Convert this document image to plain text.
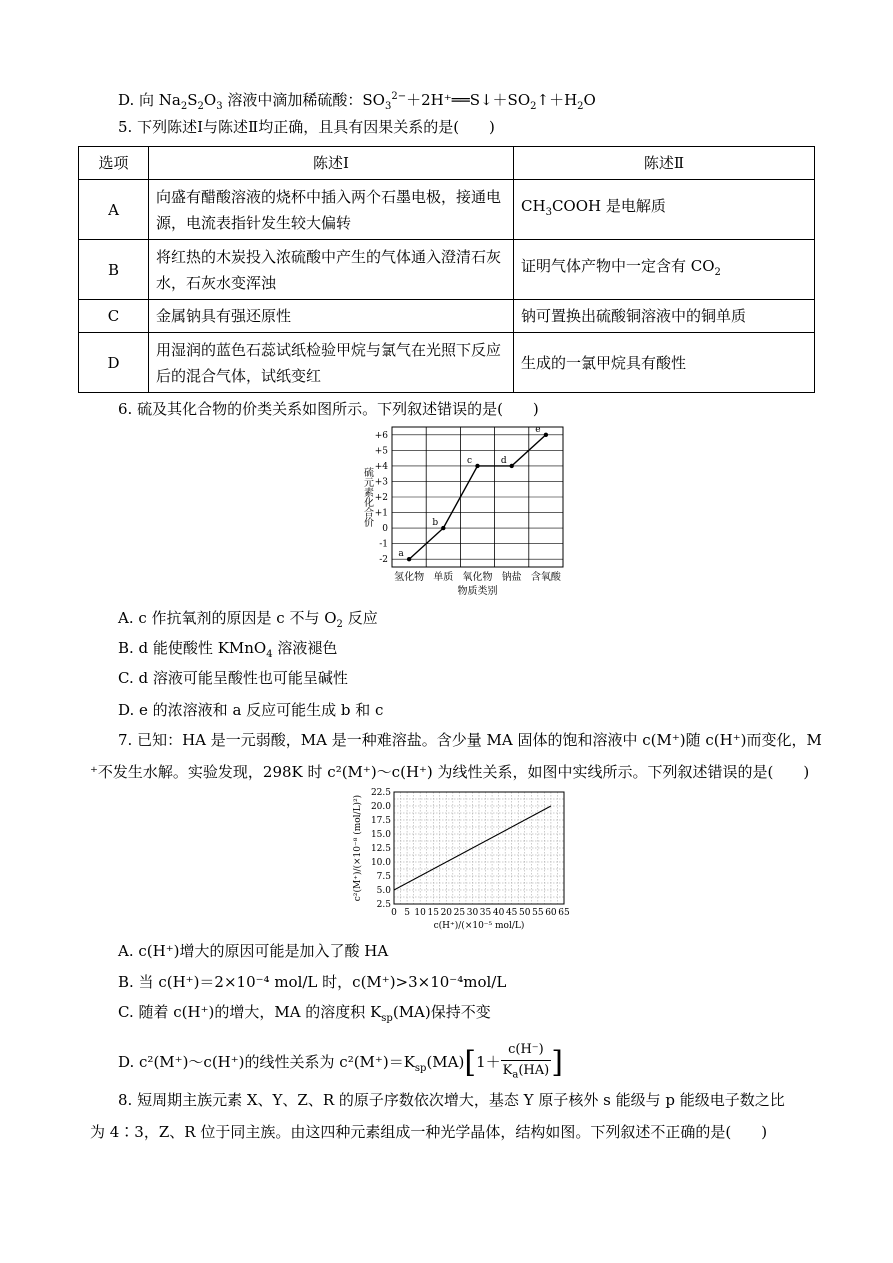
D. 向 $Na_2S_2O_3$ 溶液中滴加稀硫酸：$SO_3^{2-}+2H^+══S↓+SO_2↑+H_2O$
5. 下列陈述Ⅰ与陈述Ⅱ均正确，且具有因果关系的是(　　)
选项	陈述Ⅰ	陈述Ⅱ
A	向盛有醋酸溶液的烧杯中插入两个石墨电极，接通电源，电流表指针发生较大偏转	$CH_3COOH$ 是电解质
B	将红热的木炭投入浓硫酸中产生的气体通入澄清石灰水，石灰水变浑浊	证明气体产物中一定含有 $CO_2$
C	金属钠具有强还原性	钠可置换出硫酸铜溶液中的铜单质
D	用湿润的蓝色石蕊试纸检验甲烷与氯气在光照下反应后的混合气体，试纸变红	生成的一氯甲烷具有酸性
6. 硫及其化合物的价类关系如图所示。下列叙述错误的是(　　)
-2
-1
0
+1
+2
+3
+4
+5
+6
氢化物 单质 氧化物 钠盐 含氧酸
物质类别
硫元素化合价
a
b
c	d
e
A. c 作抗氧剂的原因是 c 不与 $O_2$ 反应
B. d 能使酸性 KMnO$_4$ 溶液褪色
C. d 溶液可能呈酸性也可能呈碱性
D. e 的浓溶液和 a 反应可能生成 b 和 c
7. 已知：HA 是一元弱酸，MA 是一种难溶盐。含少量 MA 固体的饱和溶液中 c(M⁺)随 c(H⁺)而变化，M
⁺不发生水解。实验发现，298K 时 c²(M⁺)～c(H⁺) 为线性关系，如图中实线所示。下列叙述错误的是(　　)
2.5
5.0
7.5
10.0
12.5
15.0
17.5
20.0
22.5
0 5 10 15 20 25 30 35 40 45 50 55 60 65
c(H⁺)/(×10⁻⁵ mol/L)
c²(M⁺)/(×10⁻⁸ (mol/L)²)
A. c(H⁺)增大的原因可能是加入了酸 HA
B. 当 c(H⁺)＝2×10⁻⁴ mol/L 时，c(M⁺)>3×10⁻⁴mol/L
C. 随着 c(H⁺)的增大，MA 的溶度积 $K_{sp}(MA)$保持不变
D. c²(M⁺)～c(H⁺)的线性关系为 $c^2(M^+)=K_{sp}(MA)[1+ \frac{c(H^-)}{K_a(HA)}$ ]
8. 短周期主族元素 X、Y、Z、R 的原子序数依次增大，基态 Y 原子核外 s 能级与 p 能级电子数之比
为 4∶3，Z、R 位于同主族。由这四种元素组成一种光学晶体，结构如图。下列叙述不正确的是(　　)
